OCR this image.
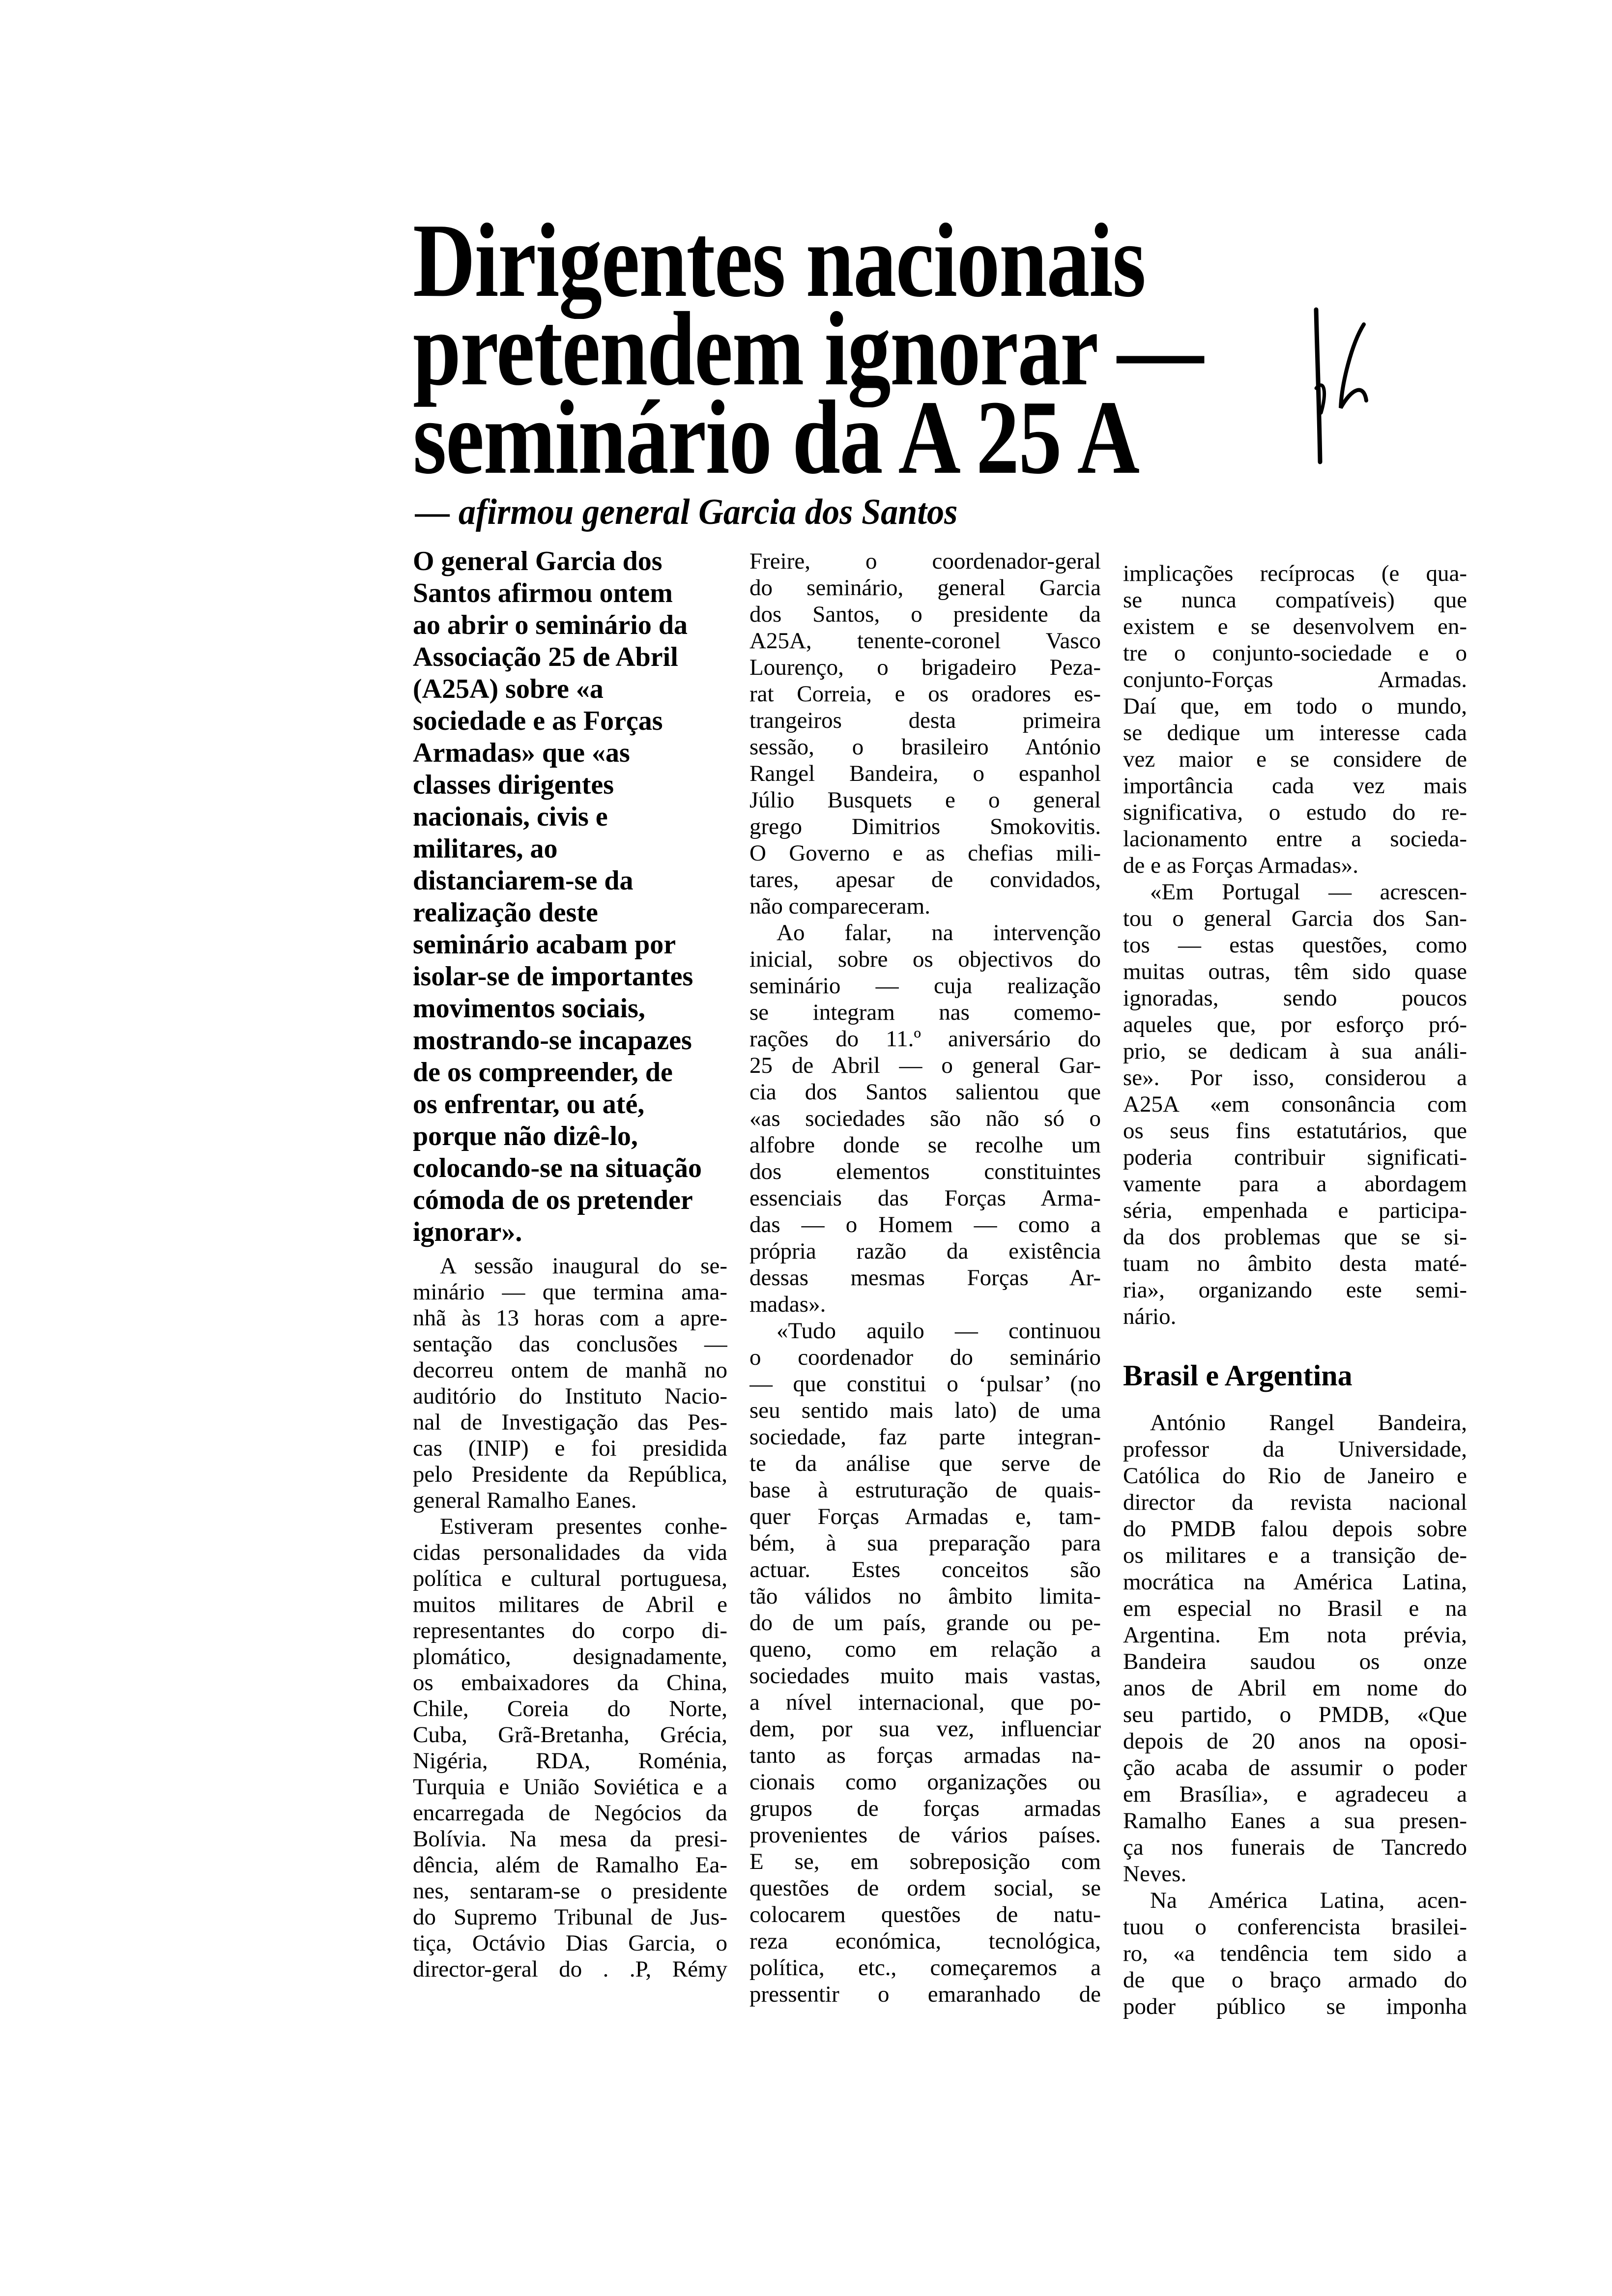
Dirigentes nacionais
pretendem ignorar —
seminário da A 25 A
— afirmou general Garcia dos Santos
O general Garcia dos
Santos afirmou ontem
ao abrir o seminário da
Associação 25 de Abril
(A25A) sobre «a
sociedade e as Forças
Armadas» que «as
classes dirigentes
nacionais, civis e
militares, ao
distanciarem-se da
realização deste
seminário acabam por
isolar-se de importantes
movimentos sociais,
mostrando-se incapazes
de os compreender, de
os enfrentar, ou até,
porque não dizê-lo,
colocando-se na situação
cómoda de os pretender
ignorar».
A sessão inaugural do se-
minário — que termina ama-
nhã às 13 horas com a apre-
sentação das conclusões —
decorreu ontem de manhã no
auditório do Instituto Nacio-
nal de Investigação das Pes-
cas (INIP) e foi presidida
pelo Presidente da República,
general Ramalho Eanes.
Estiveram presentes conhe-
cidas personalidades da vida
política e cultural portuguesa,
muitos militares de Abril e
representantes do corpo di-
plomático, designadamente,
os embaixadores da China,
Chile, Coreia do Norte,
Cuba, Grã-Bretanha, Grécia,
Nigéria, RDA, Roménia,
Turquia e União Soviética e a
encarregada de Negócios da
Bolívia. Na mesa da presi-
dência, além de Ramalho Ea-
nes, sentaram-se o presidente
do Supremo Tribunal de Jus-
tiça, Octávio Dias Garcia, o
director-geral do . .P, Rémy
Freire, o coordenador-geral
do seminário, general Garcia
dos Santos, o presidente da
A25A, tenente-coronel Vasco
Lourenço, o brigadeiro Peza-
rat Correia, e os oradores es-
trangeiros desta primeira
sessão, o brasileiro António
Rangel Bandeira, o espanhol
Júlio Busquets e o general
grego Dimitrios Smokovitis.
O Governo e as chefias mili-
tares, apesar de convidados,
não compareceram.
Ao falar, na intervenção
inicial, sobre os objectivos do
seminário — cuja realização
se integram nas comemo-
rações do 11.º aniversário do
25 de Abril — o general Gar-
cia dos Santos salientou que
«as sociedades são não só o
alfobre donde se recolhe um
dos elementos constituintes
essenciais das Forças Arma-
das — o Homem — como a
própria razão da existência
dessas mesmas Forças Ar-
madas».
«Tudo aquilo — continuou
o coordenador do seminário
— que constitui o ‘pulsar’ (no
seu sentido mais lato) de uma
sociedade, faz parte integran-
te da análise que serve de
base à estruturação de quais-
quer Forças Armadas e, tam-
bém, à sua preparação para
actuar. Estes conceitos são
tão válidos no âmbito limita-
do de um país, grande ou pe-
queno, como em relação a
sociedades muito mais vastas,
a nível internacional, que po-
dem, por sua vez, influenciar
tanto as forças armadas na-
cionais como organizações ou
grupos de forças armadas
provenientes de vários países.
E se, em sobreposição com
questões de ordem social, se
colocarem questões de natu-
reza económica, tecnológica,
política, etc., começaremos a
pressentir o emaranhado de
implicações recíprocas (e qua-
se nunca compatíveis) que
existem e se desenvolvem en-
tre o conjunto-sociedade e o
conjunto-Forças Armadas.
Daí que, em todo o mundo,
se dedique um interesse cada
vez maior e se considere de
importância cada vez mais
significativa, o estudo do re-
lacionamento entre a socieda-
de e as Forças Armadas».
«Em Portugal — acrescen-
tou o general Garcia dos San-
tos — estas questões, como
muitas outras, têm sido quase
ignoradas, sendo poucos
aqueles que, por esforço pró-
prio, se dedicam à sua análi-
se». Por isso, considerou a
A25A «em consonância com
os seus fins estatutários, que
poderia contribuir significati-
vamente para a abordagem
séria, empenhada e participa-
da dos problemas que se si-
tuam no âmbito desta maté-
ria», organizando este semi-
nário.
Brasil e Argentina
António Rangel Bandeira,
professor da Universidade,
Católica do Rio de Janeiro e
director da revista nacional
do PMDB falou depois sobre
os militares e a transição de-
mocrática na América Latina,
em especial no Brasil e na
Argentina. Em nota prévia,
Bandeira saudou os onze
anos de Abril em nome do
seu partido, o PMDB, «Que
depois de 20 anos na oposi-
ção acaba de assumir o poder
em Brasília», e agradeceu a
Ramalho Eanes a sua presen-
ça nos funerais de Tancredo
Neves.
Na América Latina, acen-
tuou o conferencista brasilei-
ro, «a tendência tem sido a
de que o braço armado do
poder público se imponha
